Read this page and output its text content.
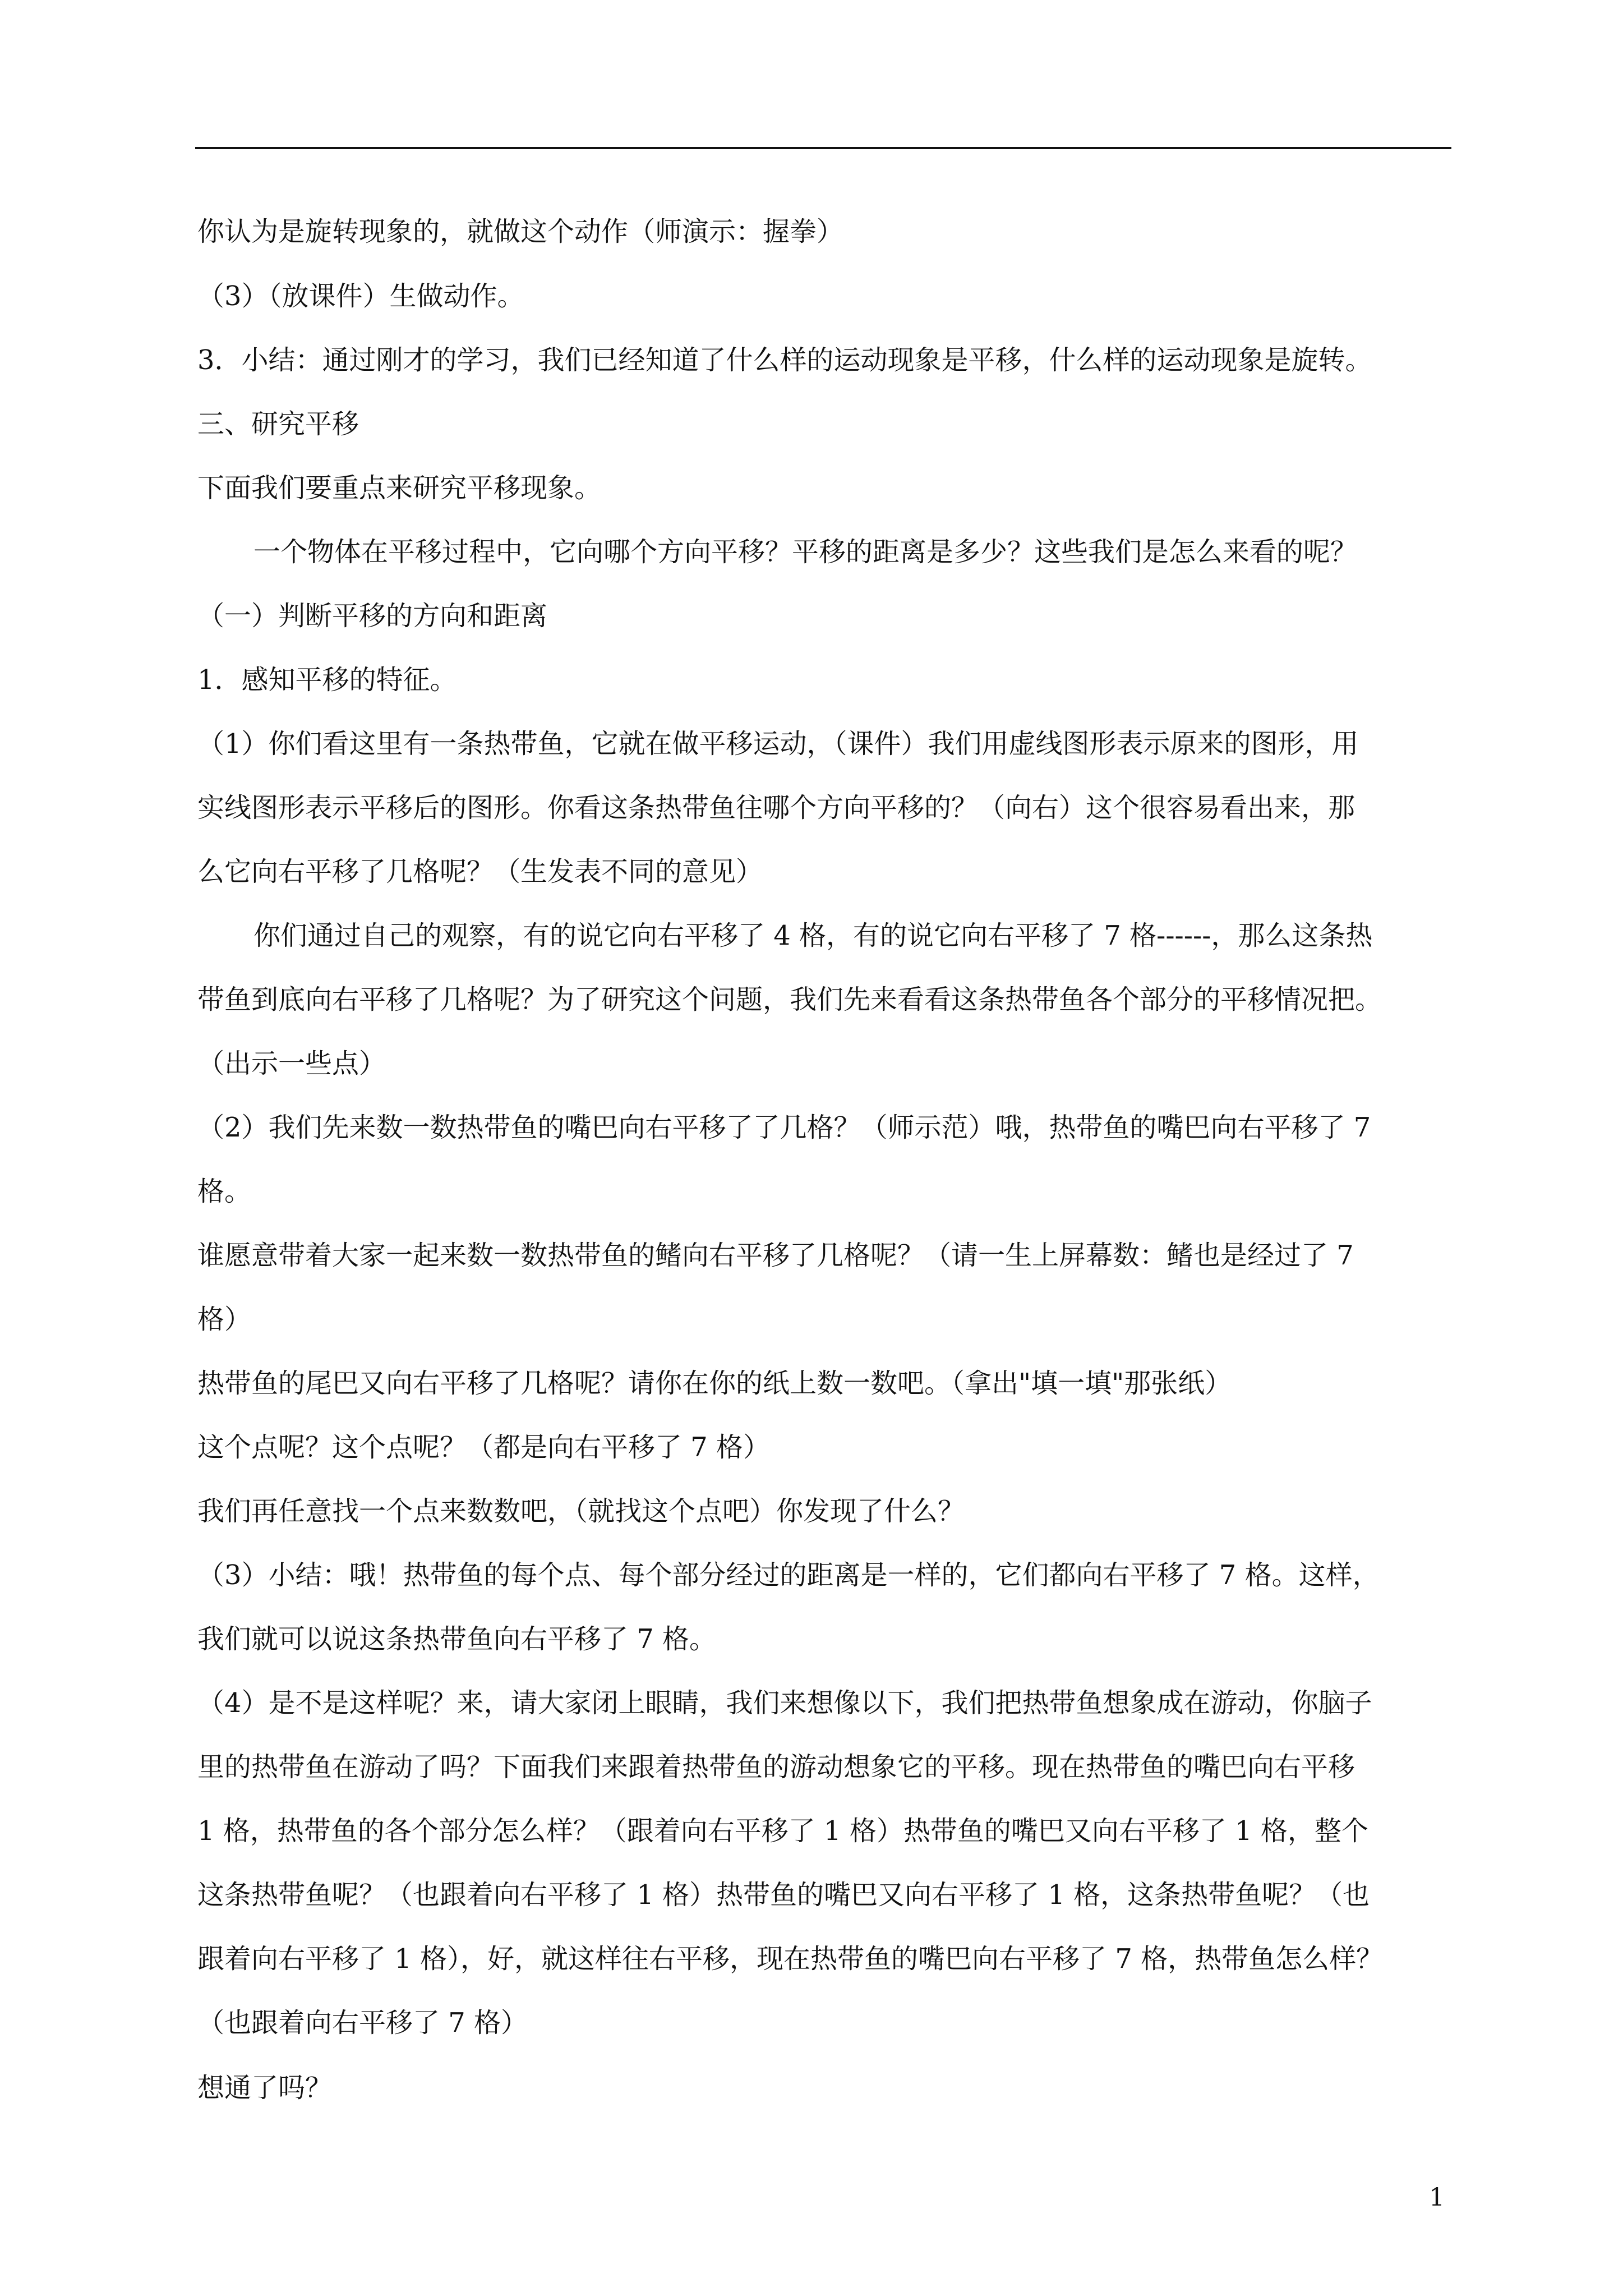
你认为是旋转现象的，就做这个动作（师演示：握拳）
（3）（放课件）生做动作。
3．小结：通过刚才的学习，我们已经知道了什么样的运动现象是平移，什么样的运动现象是旋转。
三、研究平移
下面我们要重点来研究平移现象。
一个物体在平移过程中，它向哪个方向平移？平移的距离是多少？这些我们是怎么来看的呢？
（一）判断平移的方向和距离
1．感知平移的特征。
（1）你们看这里有一条热带鱼，它就在做平移运动，（课件）我们用虚线图形表示原来的图形，用
实线图形表示平移后的图形。你看这条热带鱼往哪个方向平移的？（向右）这个很容易看出来，那
么它向右平移了几格呢？（生发表不同的意见）
你们通过自己的观察，有的说它向右平移了 4 格，有的说它向右平移了 7 格------，那么这条热
带鱼到底向右平移了几格呢？为了研究这个问题，我们先来看看这条热带鱼各个部分的平移情况把。
（出示一些点）
（2）我们先来数一数热带鱼的嘴巴向右平移了了几格？（师示范）哦，热带鱼的嘴巴向右平移了 7
格。
谁愿意带着大家一起来数一数热带鱼的鳍向右平移了几格呢？（请一生上屏幕数：鳍也是经过了 7
格）
热带鱼的尾巴又向右平移了几格呢？请你在你的纸上数一数吧。（拿出"填一填"那张纸）
这个点呢？这个点呢？（都是向右平移了 7 格）
我们再任意找一个点来数数吧，（就找这个点吧）你发现了什么？
（3）小结：哦！热带鱼的每个点、每个部分经过的距离是一样的，它们都向右平移了 7 格。这样，
我们就可以说这条热带鱼向右平移了 7 格。
（4）是不是这样呢？来，请大家闭上眼睛，我们来想像以下，我们把热带鱼想象成在游动，你脑子
里的热带鱼在游动了吗？下面我们来跟着热带鱼的游动想象它的平移。现在热带鱼的嘴巴向右平移
1 格，热带鱼的各个部分怎么样？（跟着向右平移了 1 格）热带鱼的嘴巴又向右平移了 1 格，整个
这条热带鱼呢？（也跟着向右平移了 1 格）热带鱼的嘴巴又向右平移了 1 格，这条热带鱼呢？（也
跟着向右平移了 1 格），好，就这样往右平移，现在热带鱼的嘴巴向右平移了 7 格，热带鱼怎么样？
（也跟着向右平移了 7 格）
想通了吗？
1
